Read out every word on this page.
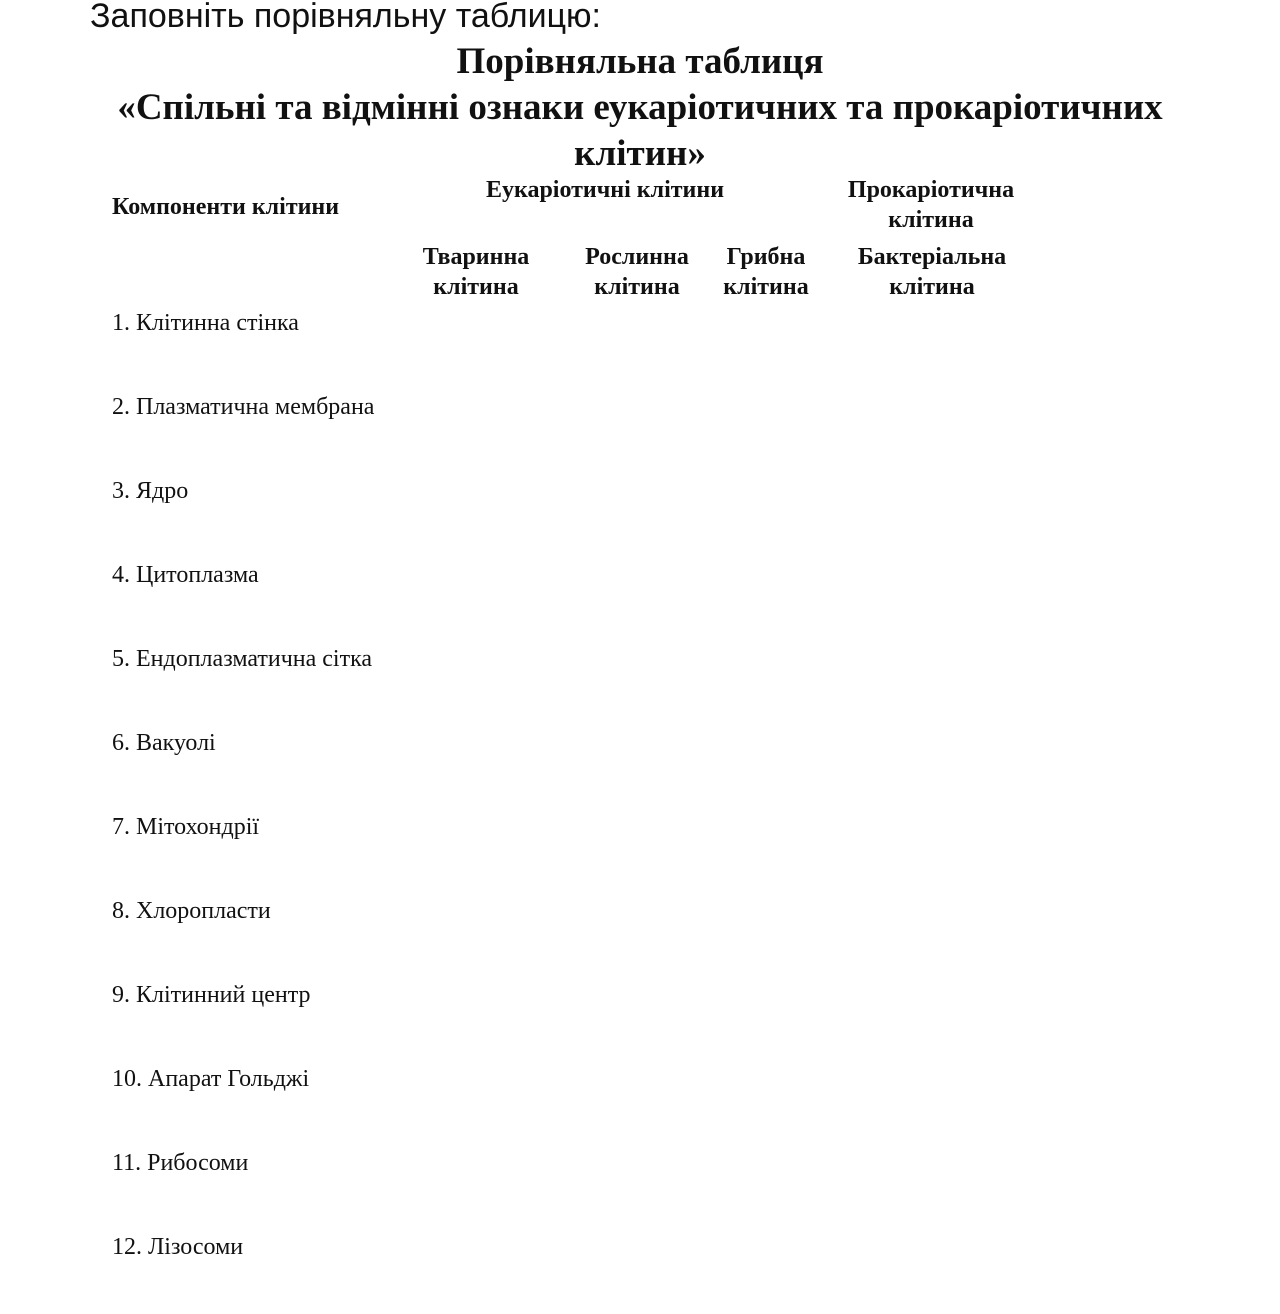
Заповніть порівняльну таблицю:
Порівняльна таблиця
«Спільні та відмінні ознаки еукаріотичних та прокаріотичних клітин»
Компоненти клітини
Еукаріотичні клітини	Прокаріотична
клітина
Тваринна
клітина
Рослинна
клітина
Грибна
клітина
Бактеріальна
клітина
1. Клітинна стінка
2. Плазматична мембрана
3. Ядро
4. Цитоплазма
5. Ендоплазматична сітка
6. Вакуолі
7. Мітохондрії
8. Хлоропласти
9. Клітинний центр
10. Апарат Гольджі
11. Рибосоми
12. Лізосоми
